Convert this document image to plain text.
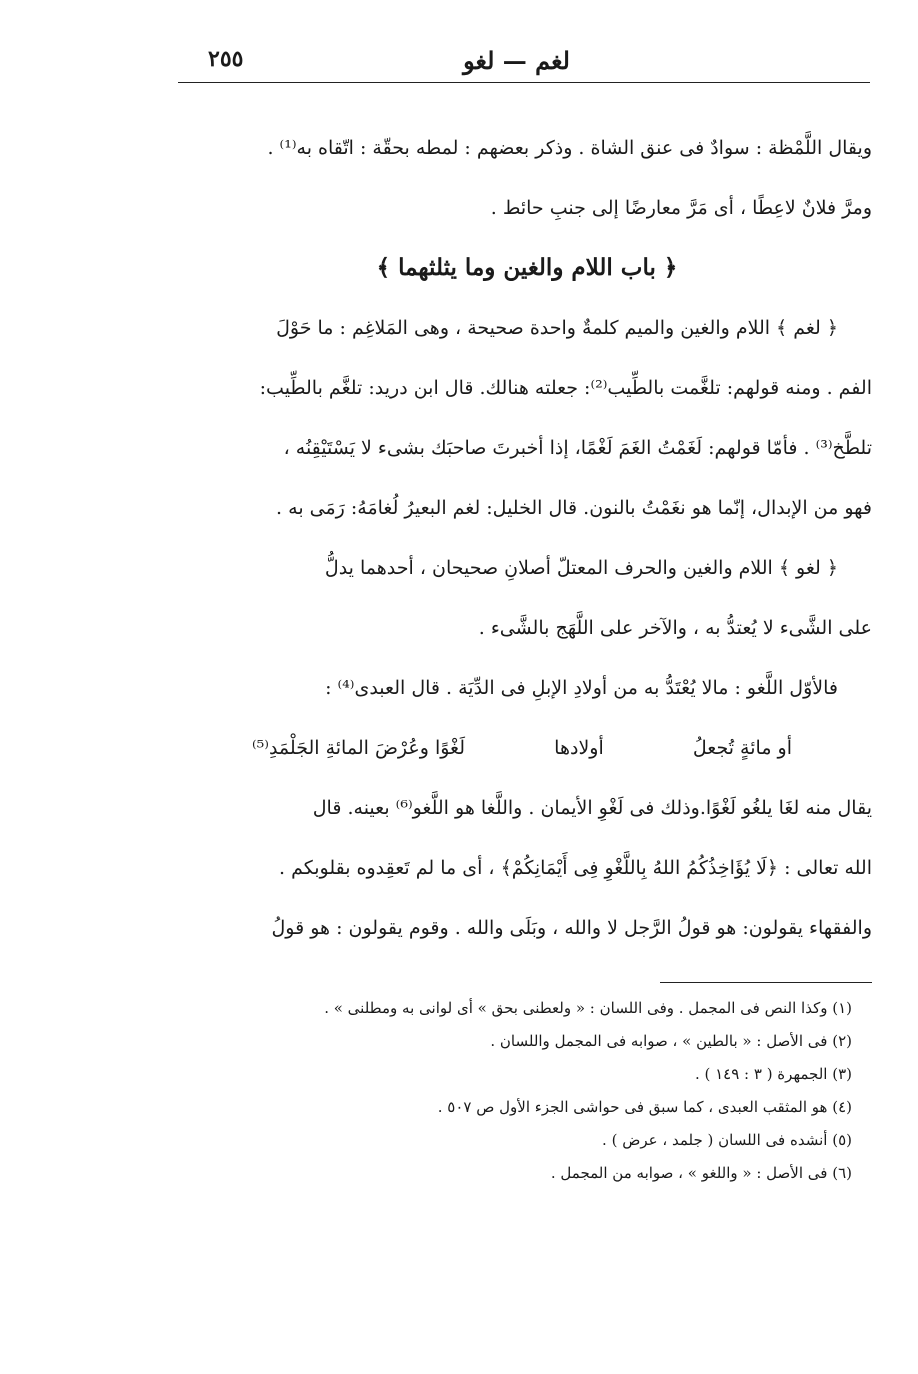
لغم — لغو
٢٥٥
ويقال اللَّمْظة : سوادٌ فى عنق الشاة . وذكر بعضهم : لمطه بحقّة : اتّقاه به⁽¹⁾ .
ومرَّ فلانٌ لاعِطًا ، أى مَرَّ معارضًا إلى جنبِ حائط .
﴿ باب اللام والغين وما يثلثهما ﴾
﴿ لغم ﴾ اللام والغين والميم كلمةٌ واحدة صحيحة ، وهى المَلاغِم : ما حَوْلَ
الفم . ومنه قولهم: تلغَّمت بالطِّيب⁽²⁾: جعلته هنالك. قال ابن دريد: تلغَّم بالطِّيب:
تلطَّخ⁽³⁾ . فأمّا قولهم: لَغَمْتُ الغَمَ لَغْمًا، إذا أخبرتَ صاحبَك بشىء لا يَسْتَيْقِنُه ،
فهو من الإبدال، إنّما هو نغَمْتُ بالنون. قال الخليل: لغم البعيرُ لُغامَهُ: رَمَى به .
﴿ لغو ﴾ اللام والغين والحرف المعتلّ أصلانِ صحيحان ، أحدهما يدلُّ
على الشَّىء لا يُعتدُّ به ، والآخر على اللَّهَج بالشَّىء .
فالأوّل اللَّغو : مالا يُعْتَدُّ به من أولادِ الإبلِ فى الدِّيَة . قال العبدى⁽⁴⁾ :
أو مائةٍ تُجعلُ
أولادها
لَغْوًا وعُرْضَ المائةِ الجَلْمَدِ⁽⁵⁾
يقال منه لغَا يلغُو لَغْوًا.وذلك فى لَغْوِ الأيمان . واللَّغا هو اللَّغو⁽⁶⁾ بعينه. قال
الله تعالى : ﴿لَا يُؤَاخِذُكُمُ اللهُ بِاللَّغْوِ فِى أَيْمَانِكُمْ﴾ ، أى ما لم تَعقِدوه بقلوبكم .
والفقهاء يقولون: هو قولُ الرَّجل لا والله ، وبَلَى والله . وقوم يقولون : هو قولُ
(١) وكذا النص فى المجمل . وفى اللسان : « ولعطنى بحق » أى لوانى به ومطلنى » .
(٢) فى الأصل : « بالطين » ، صوابه فى المجمل واللسان .
(٣) الجمهرة ( ٣ : ١٤٩ ) .
(٤) هو المثقب العبدى ، كما سبق فى حواشى الجزء الأول ص ٥٠٧ .
(٥) أنشده فى اللسان ( جلمد ، عرض ) .
(٦) فى الأصل : « واللغو » ، صوابه من المجمل .
